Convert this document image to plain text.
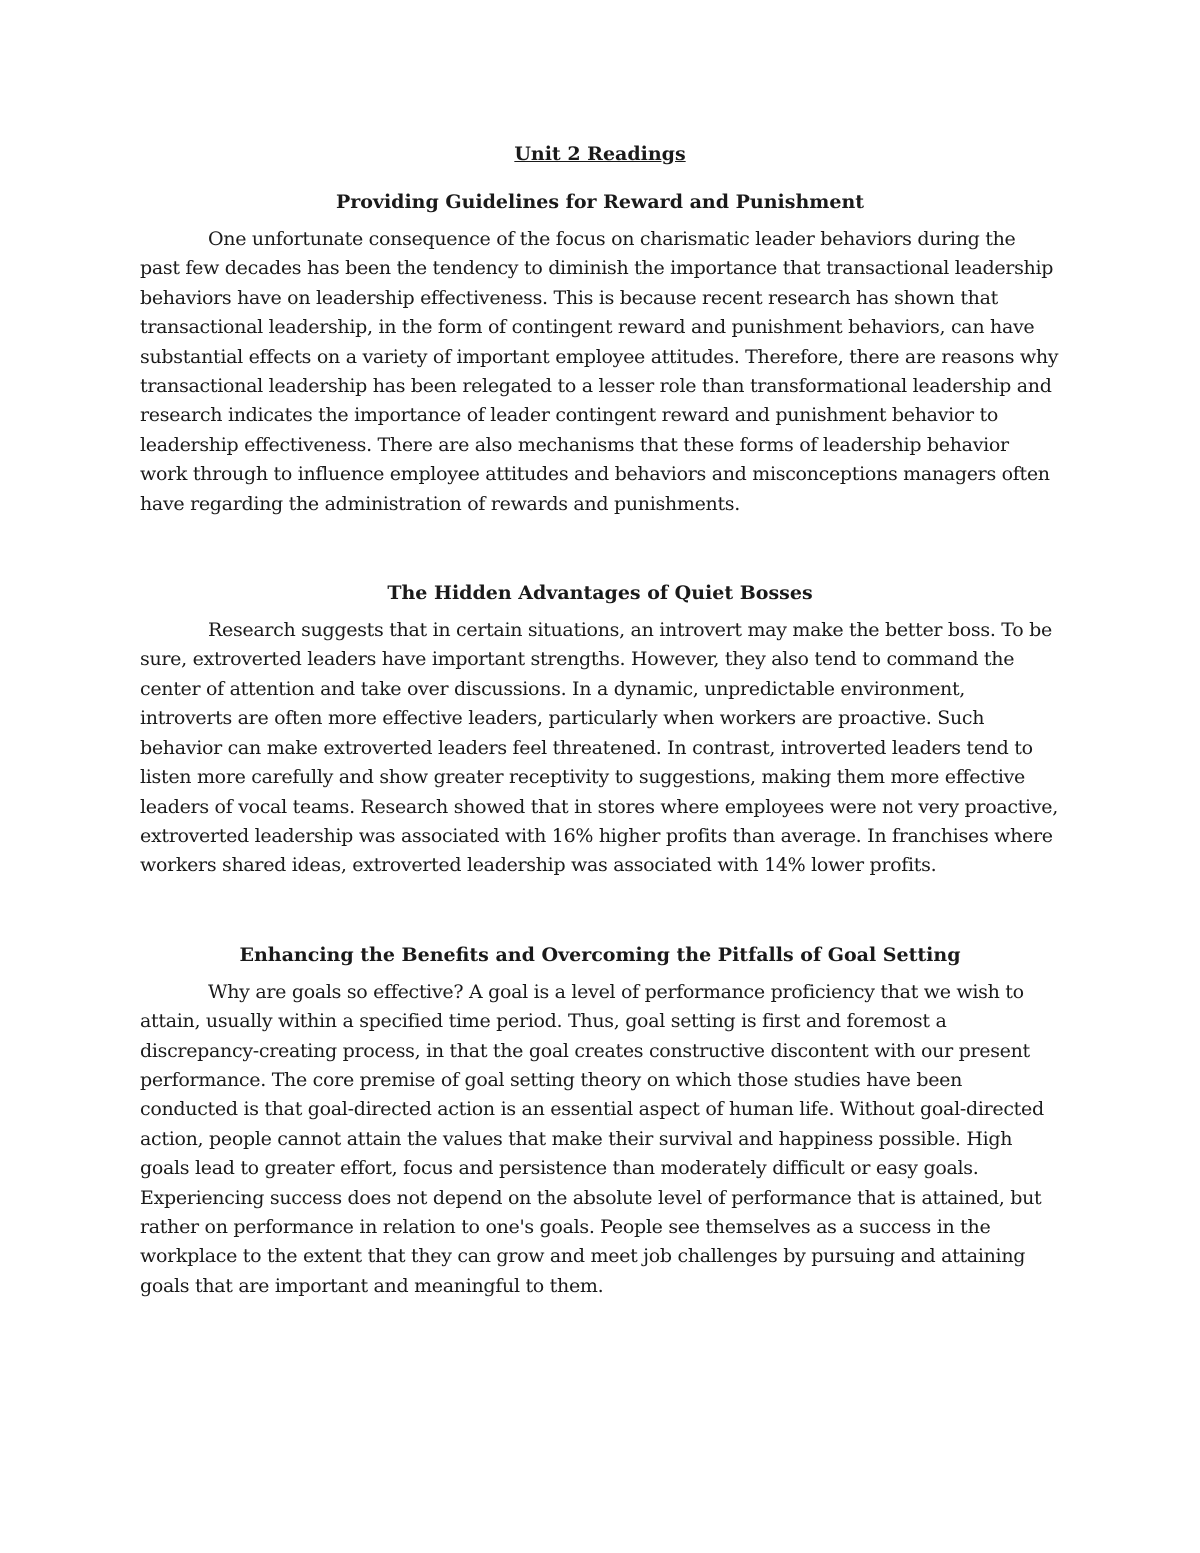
Unit 2 Readings
Providing Guidelines for Reward and Punishment

One unfortunate consequence of the focus on charismatic leader behaviors during the past few decades has been the tendency to diminish the importance that transactional leadership behaviors have on leadership effectiveness. This is because recent research has shown that transactional leadership, in the form of contingent reward and punishment behaviors, can have substantial effects on a variety of important employee attitudes. Therefore, there are reasons why transactional leadership has been relegated to a lesser role than transformational leadership and research indicates the importance of leader contingent reward and punishment behavior to leadership effectiveness. There are also mechanisms that these forms of leadership behavior work through to influence employee attitudes and behaviors and misconceptions managers often have regarding the administration of rewards and punishments.

The Hidden Advantages of Quiet Bosses

Research suggests that in certain situations, an introvert may make the better boss. To be sure, extroverted leaders have important strengths. However, they also tend to command the center of attention and take over discussions. In a dynamic, unpredictable environment, introverts are often more effective leaders, particularly when workers are proactive. Such behavior can make extroverted leaders feel threatened. In contrast, introverted leaders tend to listen more carefully and show greater receptivity to suggestions, making them more effective leaders of vocal teams. Research showed that in stores where employees were not very proactive, extroverted leadership was associated with 16% higher profits than average. In franchises where workers shared ideas, extroverted leadership was associated with 14% lower profits.

Enhancing the Benefits and Overcoming the Pitfalls of Goal Setting

Why are goals so effective? A goal is a level of performance proficiency that we wish to attain, usually within a specified time period. Thus, goal setting is first and foremost a discrepancy-creating process, in that the goal creates constructive discontent with our present performance. The core premise of goal setting theory on which those studies have been conducted is that goal-directed action is an essential aspect of human life. Without goal-directed action, people cannot attain the values that make their survival and happiness possible. High goals lead to greater effort, focus and persistence than moderately difficult or easy goals. Experiencing success does not depend on the absolute level of performance that is attained, but rather on performance in relation to one's goals. People see themselves as a success in the workplace to the extent that they can grow and meet job challenges by pursuing and attaining goals that are important and meaningful to them.
